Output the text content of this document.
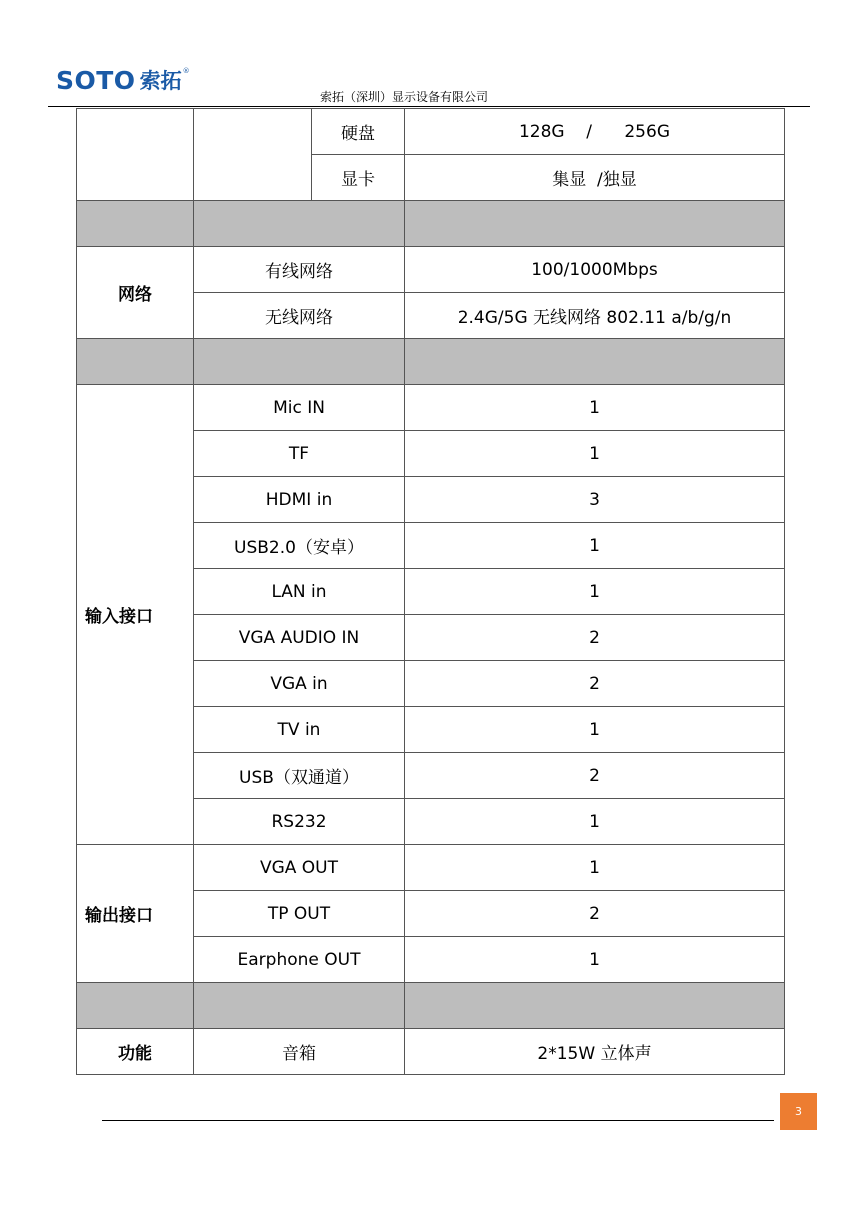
SOTO 索拓 ®
索拓（深圳）显示设备有限公司
		硬盘	128G    /      256G
		显卡	集显  /独显

网络	有线网络		100/1000Mbps
	无线网络		2.4G/5G 无线网络 802.11 a/b/g/n

输入接口	Mic IN		1
	TF		1
	HDMI in		3
	USB2.0（安卓）		1
	LAN in		1
	VGA AUDIO IN		2
	VGA in		2
	TV in		1
	USB（双通道）		2
	RS232		1
输出接口	VGA OUT		1
	TP OUT		2
	Earphone OUT		1

功能	音箱		2*15W 立体声
3
